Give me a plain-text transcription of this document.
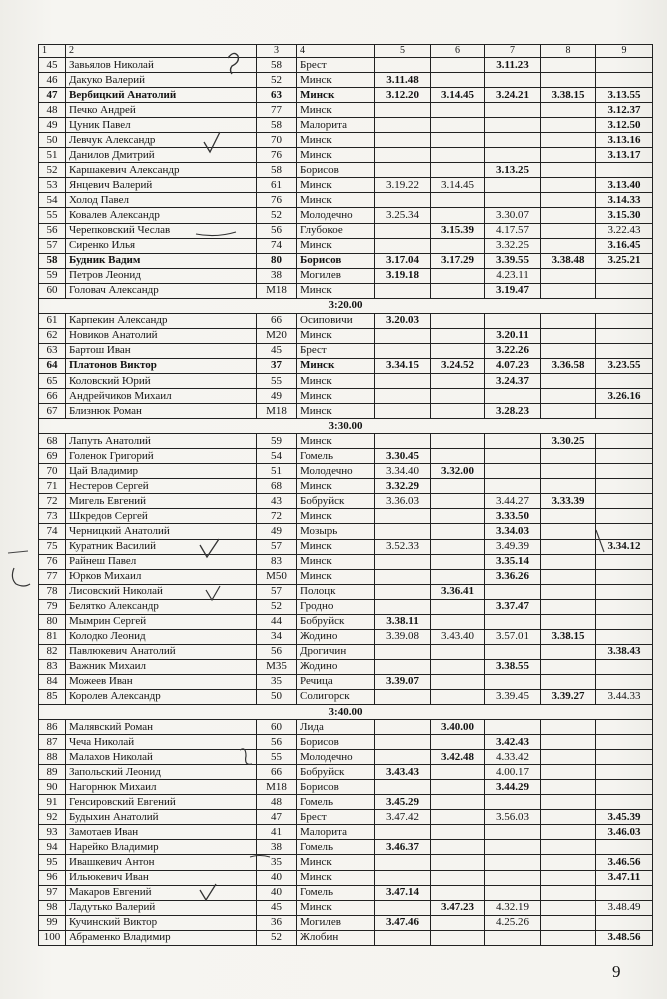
1	2	3	4	5	6	7	8	9
45	Завьялов Николай	58	Брест			3.11.23		
46	Дакуко Валерий	52	Минск	3.11.48				
47	Вербицкий Анатолий	63	Минск	3.12.20	3.14.45	3.24.21	3.38.15	3.13.55
48	Печко Андрей	77	Минск					3.12.37
49	Цуник Павел	58	Малорита					3.12.50
50	Левчук Александр	70	Минск					3.13.16
51	Данилов Дмитрий	76	Минск					3.13.17
52	Каршакевич Александр	58	Борисов			3.13.25		
53	Янцевич Валерий	61	Минск	3.19.22	3.14.45			3.13.40
54	Холод Павел	76	Минск					3.14.33
55	Ковалев Александр	52	Молодечно	3.25.34		3.30.07		3.15.30
56	Черепковский Чеслав	56	Глубокое		3.15.39	4.17.57		3.22.43
57	Сиренко Илья	74	Минск			3.32.25		3.16.45
58	Будник Вадим	80	Борисов	3.17.04	3.17.29	3.39.55	3.38.48	3.25.21
59	Петров Леонид	38	Могилев	3.19.18		4.23.11		
60	Головач Александр	М18	Минск			3.19.47		
3:20.00								
61	Карпекин Александр	66	Осиповичи	3.20.03				
62	Новиков Анатолий	М20	Минск			3.20.11		
63	Бартош Иван	45	Брест			3.22.26		
64	Платонов Виктор	37	Минск	3.34.15	3.24.52	4.07.23	3.36.58	3.23.55
65	Коловский Юрий	55	Минск			3.24.37		
66	Андрейчиков Михаил	49	Минск					3.26.16
67	Близнюк Роман	М18	Минск			3.28.23		
3:30.00								
68	Лапуть Анатолий	59	Минск				3.30.25	
69	Голенок Григорий	54	Гомель	3.30.45				
70	Цай Владимир	51	Молодечно	3.34.40	3.32.00			
71	Нестеров Сергей	68	Минск	3.32.29				
72	Мигель Евгений	43	Бобруйск	3.36.03		3.44.27	3.33.39	
73	Шкредов Сергей	72	Минск			3.33.50		
74	Черницкий Анатолий	49	Мозырь			3.34.03		
75	Куратник Василий	57	Минск	3.52.33		3.49.39		3.34.12
76	Райнеш Павел	83	Минск			3.35.14		
77	Юрков Михаил	М50	Минск			3.36.26		
78	Лисовский Николай	57	Полоцк		3.36.41			
79	Белятко Александр	52	Гродно			3.37.47		
80	Мымрин Сергей	44	Бобруйск	3.38.11				
81	Колодко Леонид	34	Жодино	3.39.08	3.43.40	3.57.01	3.38.15	
82	Павлюкевич Анатолий	56	Дрогичин					3.38.43
83	Важник Михаил	М35	Жодино			3.38.55		
84	Можеев Иван	35	Речица	3.39.07				
85	Королев Александр	50	Солигорск			3.39.45	3.39.27	3.44.33
3:40.00								
86	Малявский Роман	60	Лида		3.40.00			
87	Чеча Николай	56	Борисов			3.42.43		
88	Малахов Николай	55	Молодечно		3.42.48	4.33.42		
89	Запольский Леонид	66	Бобруйск	3.43.43		4.00.17		
90	Нагорнюк Михаил	М18	Борисов			3.44.29		
91	Генсировский Евгений	48	Гомель	3.45.29				
92	Будыхин Анатолий	47	Брест	3.47.42		3.56.03		3.45.39
93	Замотаев Иван	41	Малорита					3.46.03
94	Нарейко Владимир	38	Гомель	3.46.37				
95	Ивашкевич Антон	35	Минск					3.46.56
96	Ильюкевич Иван	40	Минск					3.47.11
97	Макаров Евгений	40	Гомель	3.47.14				
98	Ладутько Валерий	45	Минск		3.47.23	4.32.19		3.48.49
99	Кучинский Виктор	36	Могилев	3.47.46		4.25.26		
100	Абраменко Владимир	52	Жлобин					3.48.56
9
